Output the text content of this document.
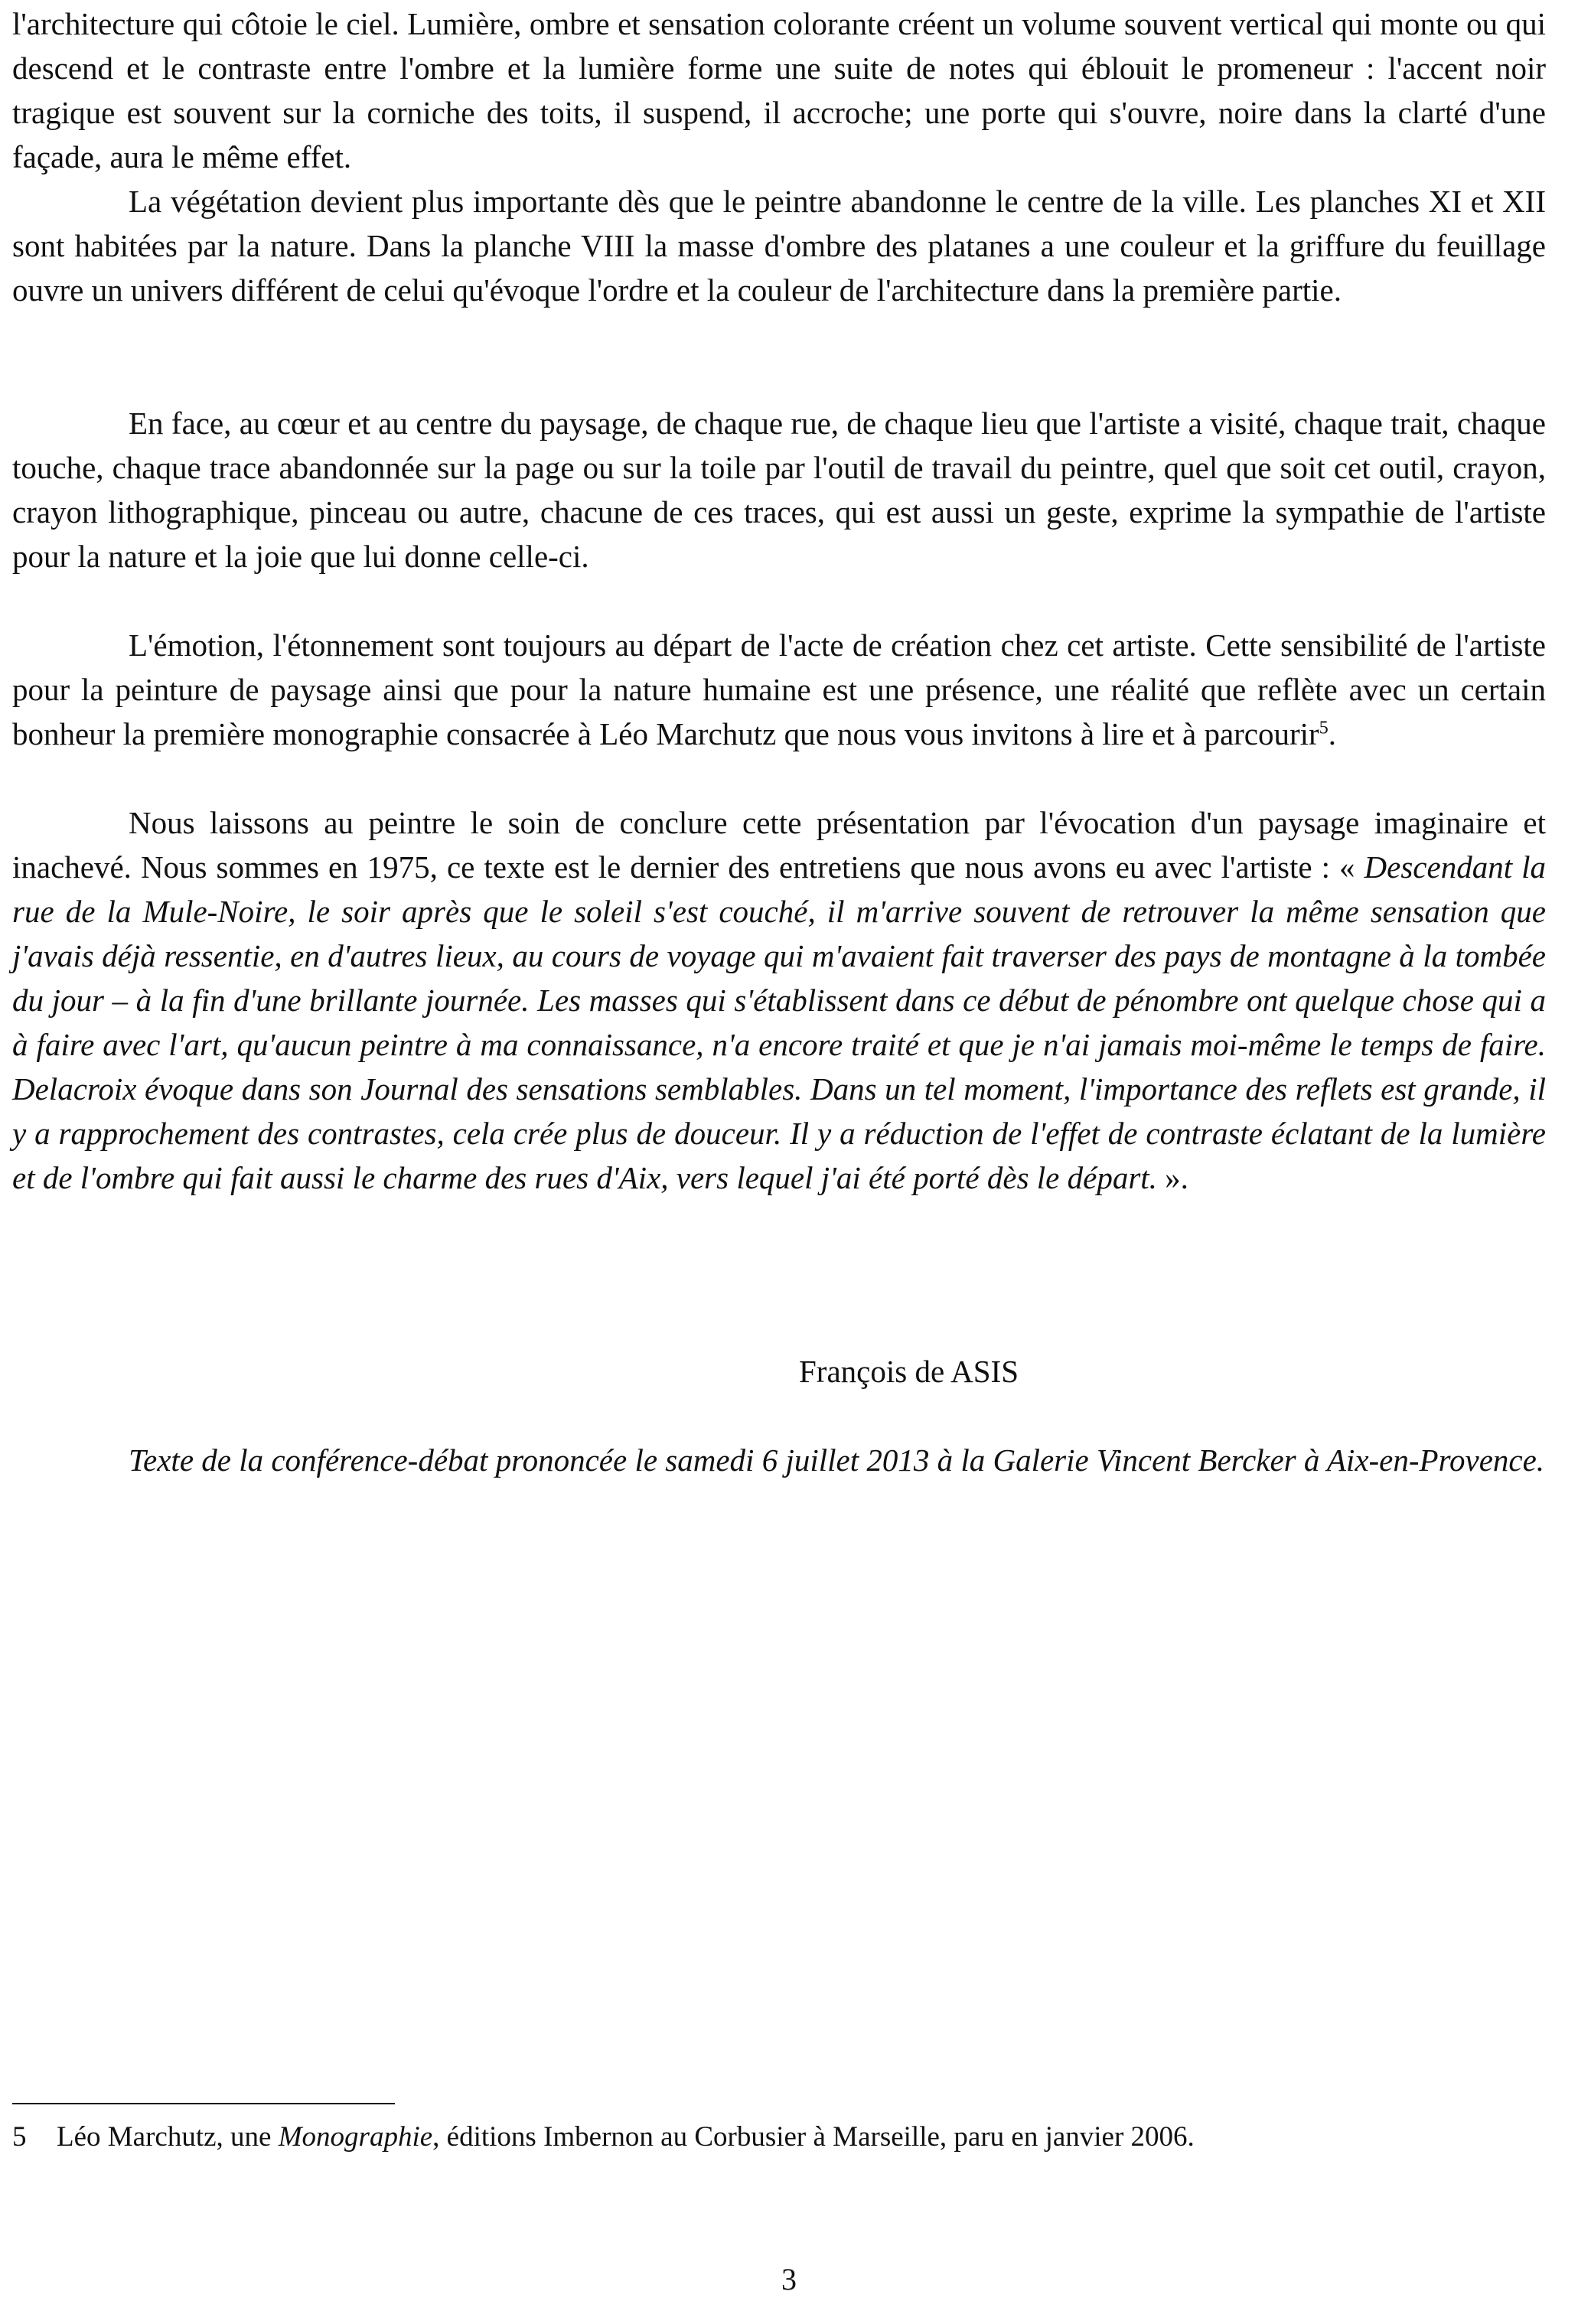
l'architecture qui côtoie le ciel. Lumière, ombre et sensation colorante créent un volume souvent vertical qui monte ou qui descend et le contraste entre l'ombre et la lumière forme une suite de notes qui éblouit le promeneur : l'accent noir tragique est souvent sur la corniche des toits, il suspend, il accroche; une porte qui s'ouvre, noire dans la clarté d'une façade, aura le même effet.

La végétation devient plus importante dès que le peintre abandonne le centre de la ville. Les planches XI et XII sont habitées par la nature. Dans la planche VIII la masse d'ombre des platanes a une couleur et la griffure du feuillage ouvre un univers différent de celui qu'évoque l'ordre et la couleur de l'architecture dans la première partie.

En face, au cœur et au centre du paysage, de chaque rue, de chaque lieu que l'artiste a visité, chaque trait, chaque touche, chaque trace abandonnée sur la page ou sur la toile par l'outil de travail du peintre, quel que soit cet outil, crayon, crayon lithographique, pinceau ou autre, chacune de ces traces, qui est aussi un geste, exprime la sympathie de l'artiste pour la nature et la joie que lui donne celle-ci.

L'émotion, l'étonnement sont toujours au départ de l'acte de création chez cet artiste. Cette sensibilité de l'artiste pour la peinture de paysage ainsi que pour la nature humaine est une présence, une réalité que reflète avec un certain bonheur la première monographie consacrée à Léo Marchutz que nous vous invitons à lire et à parcourir$^5$.

Nous laissons au peintre le soin de conclure cette présentation par l'évocation d'un paysage imaginaire et inachevé. Nous sommes en 1975, ce texte est le dernier des entretiens que nous avons eu avec l'artiste : « Descendant la rue de la Mule-Noire, le soir après que le soleil s'est couché, il m'arrive souvent de retrouver la même sensation que j'avais déjà ressentie, en d'autres lieux, au cours de voyage qui m'avaient fait traverser des pays de montagne à la tombée du jour – à la fin d'une brillante journée. Les masses qui s'établissent dans ce début de pénombre ont quelque chose qui a à faire avec l'art, qu'aucun peintre à ma connaissance, n'a encore traité et que je n'ai jamais moi-même le temps de faire. Delacroix évoque dans son Journal des sensations semblables. Dans un tel moment, l'importance des reflets est grande, il y a rapprochement des contrastes, cela crée plus de douceur. Il y a réduction de l'effet de contraste éclatant de la lumière et de l'ombre qui fait aussi le charme des rues d'Aix, vers lequel j'ai été porté dès le départ. ».

François de ASIS

Texte de la conférence-débat prononcée le samedi 6 juillet 2013 à la Galerie Vincent Bercker à Aix-en-Provence.

5 Léo Marchutz, une Monographie, éditions Imbernon au Corbusier à Marseille, paru en janvier 2006.

3
